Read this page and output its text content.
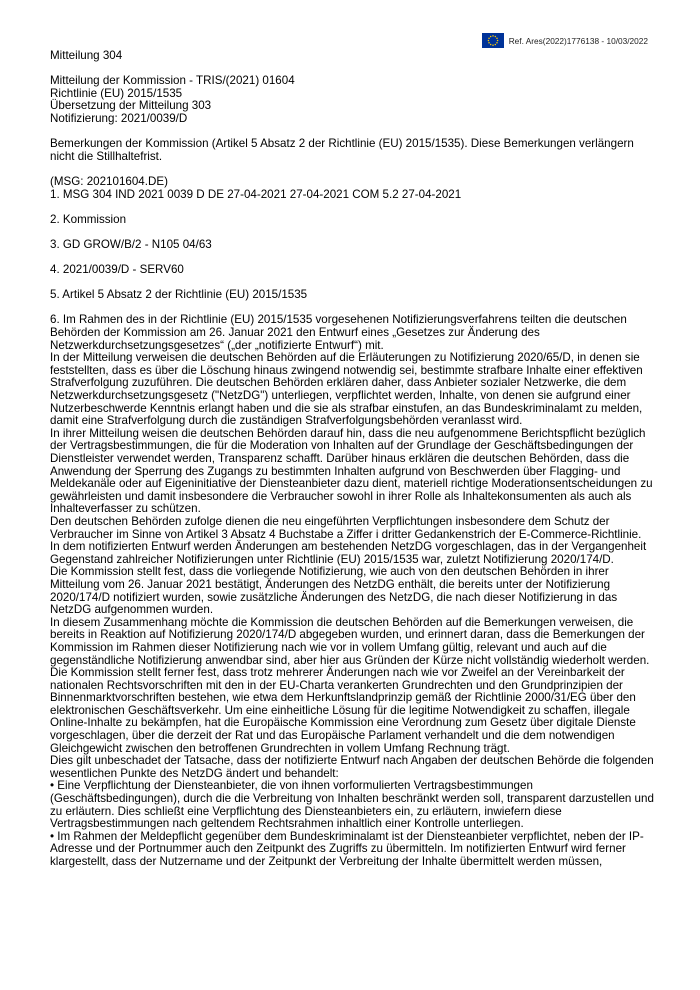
Ref. Ares(2022)1776138 - 10/03/2022

Mitteilung 304

Mitteilung der Kommission - TRIS/(2021) 01604

Richtlinie (EU) 2015/1535

Übersetzung der Mitteilung 303

Notifizierung: 2021/0039/D

Bemerkungen der Kommission (Artikel 5 Absatz 2 der Richtlinie (EU) 2015/1535). Diese Bemerkungen verlängern nicht die Stillhaltefrist.

(MSG: 202101604.DE)

1. MSG 304 IND 2021 0039 D DE 27-04-2021 27-04-2021 COM 5.2 27-04-2021

2. Kommission

3. GD GROW/B/2 - N105 04/63

4. 2021/0039/D - SERV60

5. Artikel 5 Absatz 2 der Richtlinie (EU) 2015/1535

6. Im Rahmen des in der Richtlinie (EU) 2015/1535 vorgesehenen Notifizierungsverfahrens teilten die deutschen Behörden der Kommission am 26. Januar 2021 den Entwurf eines „Gesetzes zur Änderung des Netzwerkdurchsetzungsgesetzes“ („der „notifizierte Entwurf“) mit.

In der Mitteilung verweisen die deutschen Behörden auf die Erläuterungen zu Notifizierung 2020/65/D, in denen sie feststellten, dass es über die Löschung hinaus zwingend notwendig sei, bestimmte strafbare Inhalte einer effektiven Strafverfolgung zuzuführen. Die deutschen Behörden erklären daher, dass Anbieter sozialer Netzwerke, die dem Netzwerkdurchsetzungsgesetz ("NetzDG") unterliegen, verpflichtet werden, Inhalte, von denen sie aufgrund einer Nutzerbeschwerde Kenntnis erlangt haben und die sie als strafbar einstufen, an das Bundeskriminalamt zu melden, damit eine Strafverfolgung durch die zuständigen Strafverfolgungsbehörden veranlasst wird.

In ihrer Mitteilung weisen die deutschen Behörden darauf hin, dass die neu aufgenommene Berichtspflicht bezüglich der Vertragsbestimmungen, die für die Moderation von Inhalten auf der Grundlage der Geschäftsbedingungen der Dienstleister verwendet werden, Transparenz schafft. Darüber hinaus erklären die deutschen Behörden, dass die Anwendung der Sperrung des Zugangs zu bestimmten Inhalten aufgrund von Beschwerden über Flagging- und Meldekanäle oder auf Eigeninitiative der Diensteanbieter dazu dient, materiell richtige Moderationsentscheidungen zu gewährleisten und damit insbesondere die Verbraucher sowohl in ihrer Rolle als Inhaltekonsumenten als auch als Inhalteverfasser zu schützen.

Den deutschen Behörden zufolge dienen die neu eingeführten Verpflichtungen insbesondere dem Schutz der Verbraucher im Sinne von Artikel 3 Absatz 4 Buchstabe a Ziffer i dritter Gedankenstrich der E-Commerce-Richtlinie.

In dem notifizierten Entwurf werden Änderungen am bestehenden NetzDG vorgeschlagen, das in der Vergangenheit Gegenstand zahlreicher Notifizierungen unter Richtlinie (EU) 2015/1535 war, zuletzt Notifizierung 2020/174/D.

Die Kommission stellt fest, dass die vorliegende Notifizierung, wie auch von den deutschen Behörden in ihrer Mitteilung vom 26. Januar 2021 bestätigt, Änderungen des NetzDG enthält, die bereits unter der Notifizierung 2020/174/D notifiziert wurden, sowie zusätzliche Änderungen des NetzDG, die nach dieser Notifizierung in das NetzDG aufgenommen wurden.

In diesem Zusammenhang möchte die Kommission die deutschen Behörden auf die Bemerkungen verweisen, die bereits in Reaktion auf Notifizierung 2020/174/D abgegeben wurden, und erinnert daran, dass die Bemerkungen der Kommission im Rahmen dieser Notifizierung nach wie vor in vollem Umfang gültig, relevant und auch auf die gegenständliche Notifizierung anwendbar sind, aber hier aus Gründen der Kürze nicht vollständig wiederholt werden.

Die Kommission stellt ferner fest, dass trotz mehrerer Änderungen nach wie vor Zweifel an der Vereinbarkeit der nationalen Rechtsvorschriften mit den in der EU-Charta verankerten Grundrechten und den Grundprinzipien der Binnenmarktvorschriften bestehen, wie etwa dem Herkunftslandprinzip gemäß der Richtlinie 2000/31/EG über den elektronischen Geschäftsverkehr. Um eine einheitliche Lösung für die legitime Notwendigkeit zu schaffen, illegale Online-Inhalte zu bekämpfen, hat die Europäische Kommission eine Verordnung zum Gesetz über digitale Dienste vorgeschlagen, über die derzeit der Rat und das Europäische Parlament verhandelt und die dem notwendigen Gleichgewicht zwischen den betroffenen Grundrechten in vollem Umfang Rechnung trägt.

Dies gilt unbeschadet der Tatsache, dass der notifizierte Entwurf nach Angaben der deutschen Behörde die folgenden wesentlichen Punkte des NetzDG ändert und behandelt:

• Eine Verpflichtung der Diensteanbieter, die von ihnen vorformulierten Vertragsbestimmungen (Geschäftsbedingungen), durch die die Verbreitung von Inhalten beschränkt werden soll, transparent darzustellen und zu erläutern. Dies schließt eine Verpflichtung des Diensteanbieters ein, zu erläutern, inwiefern diese Vertragsbestimmungen nach geltendem Rechtsrahmen inhaltlich einer Kontrolle unterliegen.

• Im Rahmen der Meldepflicht gegenüber dem Bundeskriminalamt ist der Diensteanbieter verpflichtet, neben der IP-Adresse und der Portnummer auch den Zeitpunkt des Zugriffs zu übermitteln. Im notifizierten Entwurf wird ferner klargestellt, dass der Nutzername und der Zeitpunkt der Verbreitung der Inhalte übermittelt werden müssen,
